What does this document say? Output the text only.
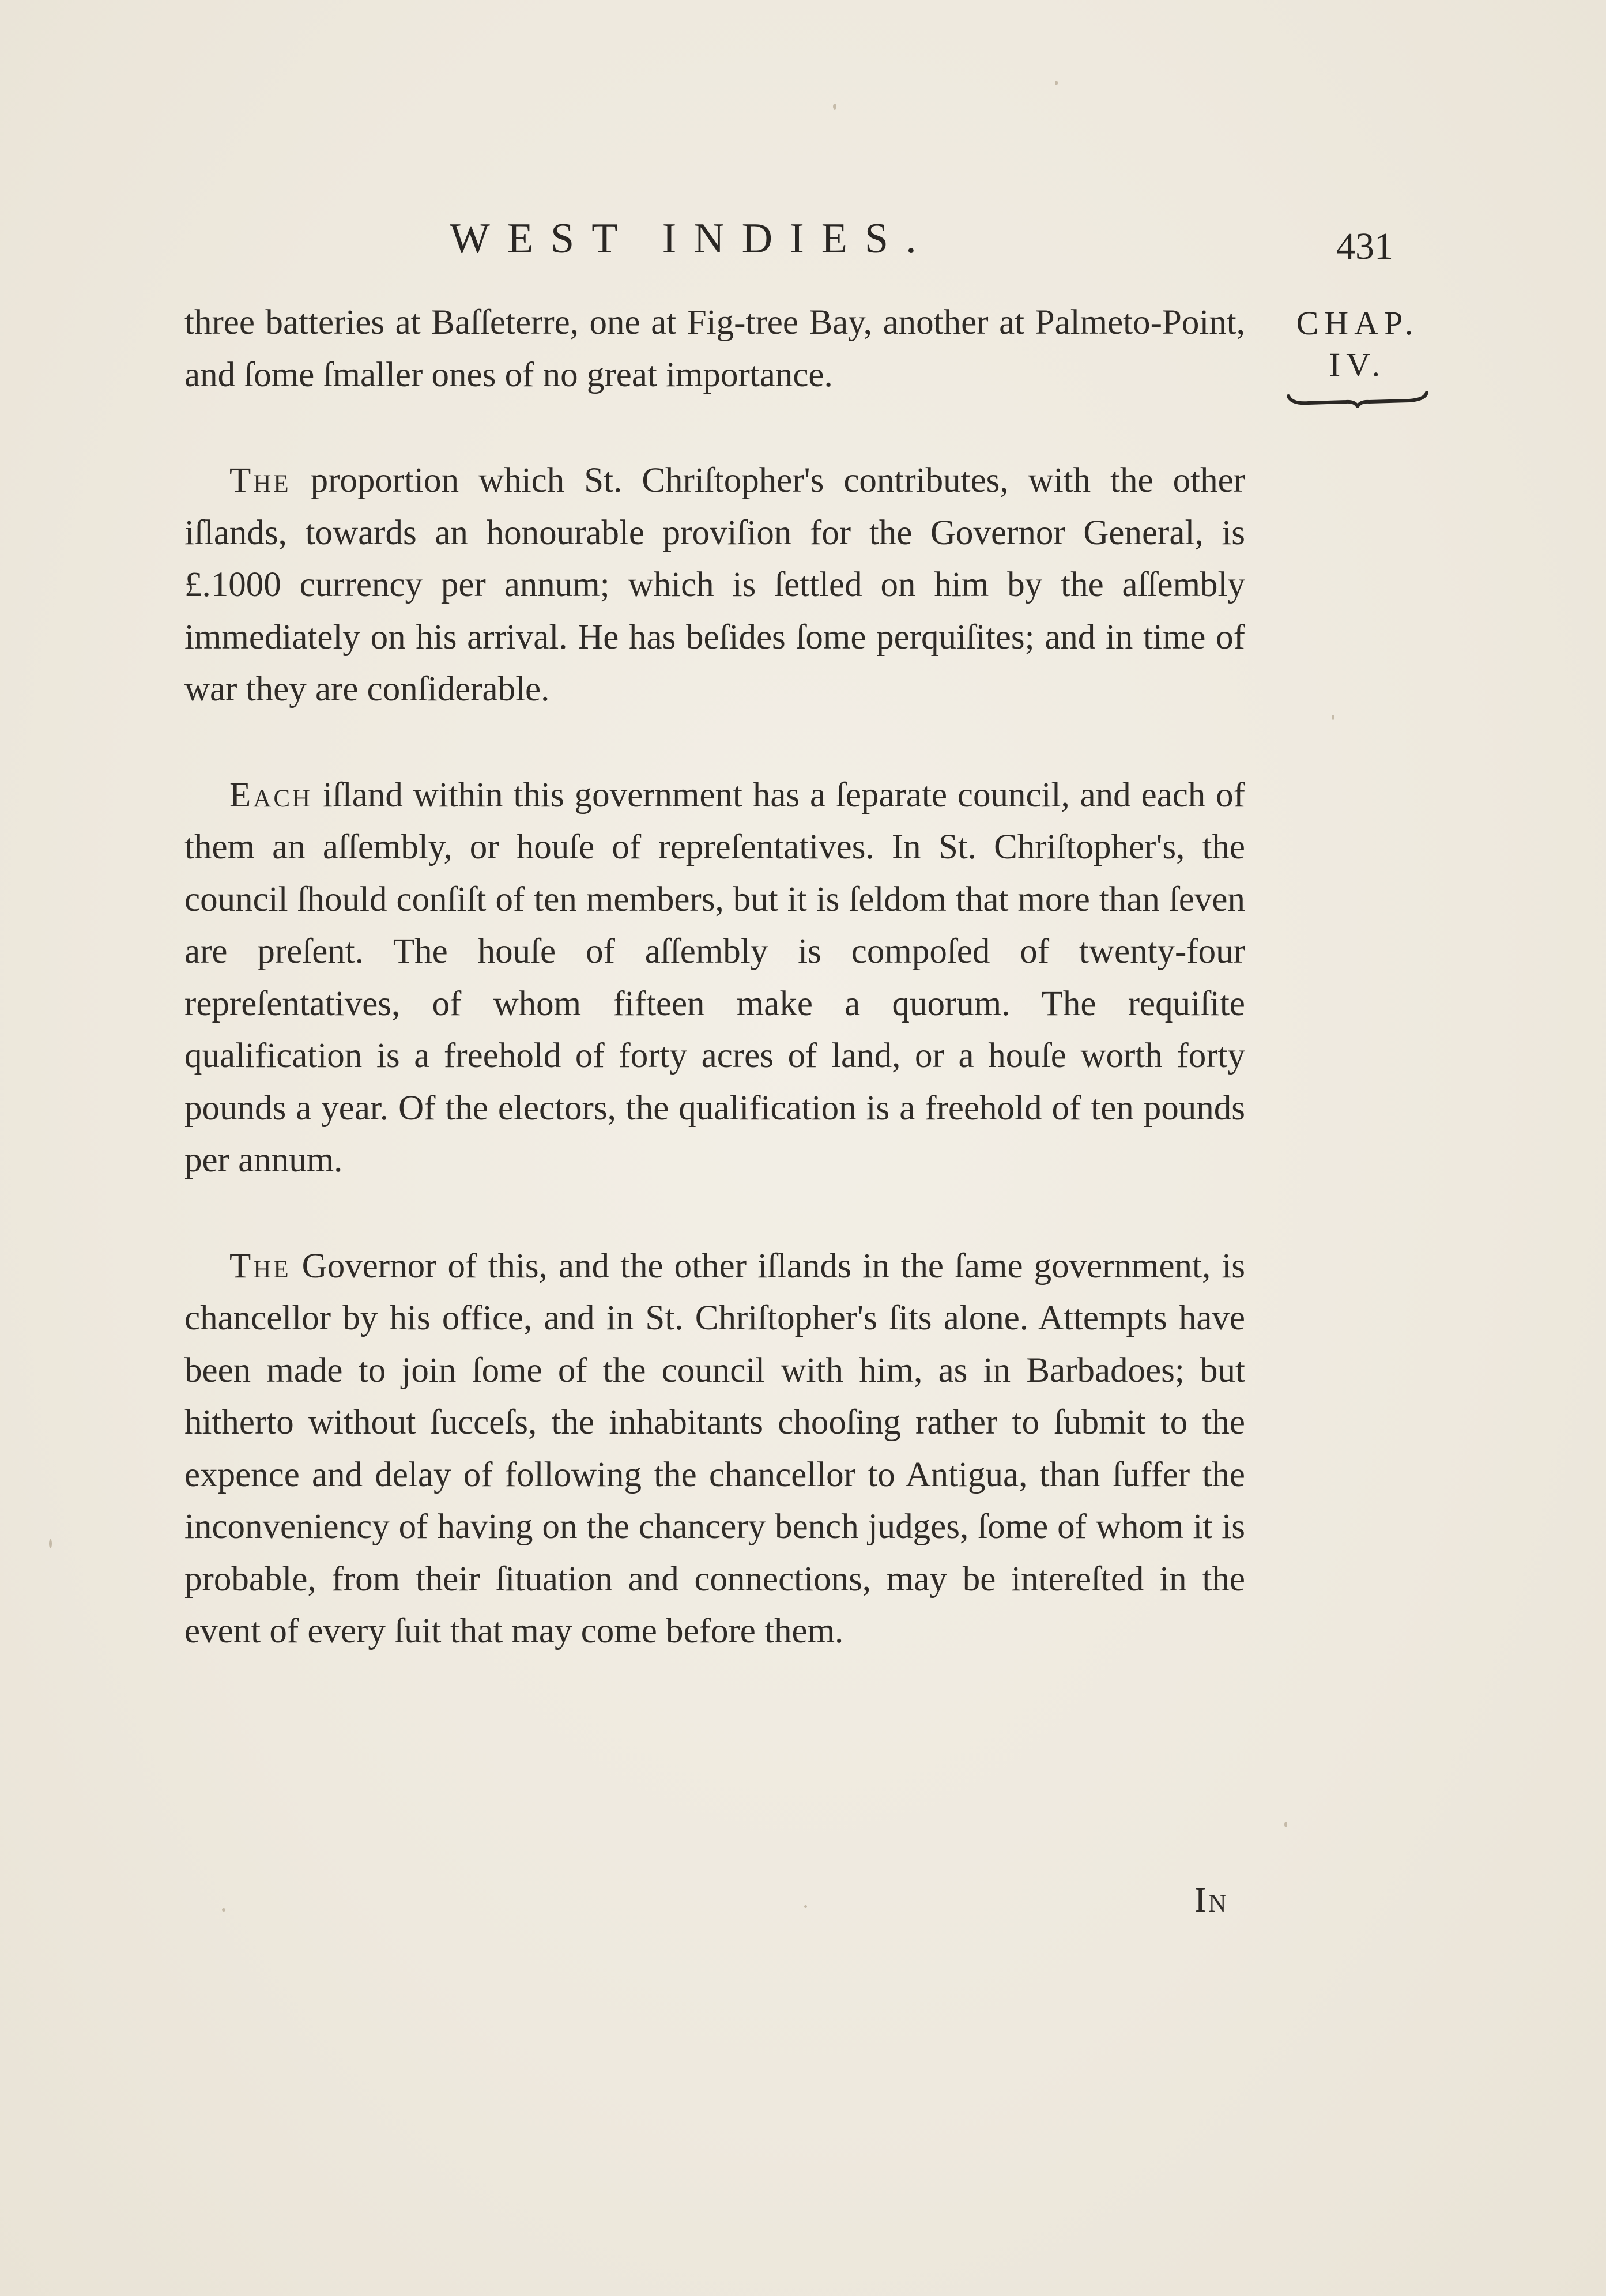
WEST INDIES.	431
CHAP.
IV.

three batteries at Baſſeterre, one at Fig-tree Bay, another at Palmeto-Point, and ſome ſmaller ones of no great importance.

The proportion which St. Chriſtopher's contributes, with the other iſlands, towards an honourable proviſion for the Governor General, is £.1000 currency per annum; which is ſettled on him by the aſſembly immediately on his arrival. He has beſides ſome perquiſites; and in time of war they are conſiderable.

Each iſland within this government has a ſeparate council, and each of them an aſſembly, or houſe of repreſentatives. In St. Chriſtopher's, the council ſhould conſiſt of ten members, but it is ſeldom that more than ſeven are preſent. The houſe of aſſembly is compoſed of twenty-four repreſentatives, of whom fifteen make a quorum. The requiſite qualification is a freehold of forty acres of land, or a houſe worth forty pounds a year. Of the electors, the qualification is a freehold of ten pounds per annum.

The Governor of this, and the other iſlands in the ſame government, is chancellor by his office, and in St. Chriſtopher's ſits alone. Attempts have been made to join ſome of the council with him, as in Barbadoes; but hitherto without ſucceſs, the inhabitants chooſing rather to ſubmit to the expence and delay of following the chancellor to Antigua, than ſuffer the inconveniency of having on the chancery bench judges, ſome of whom it is probable, from their ſituation and connections, may be intereſted in the event of every ſuit that may come before them.

In
